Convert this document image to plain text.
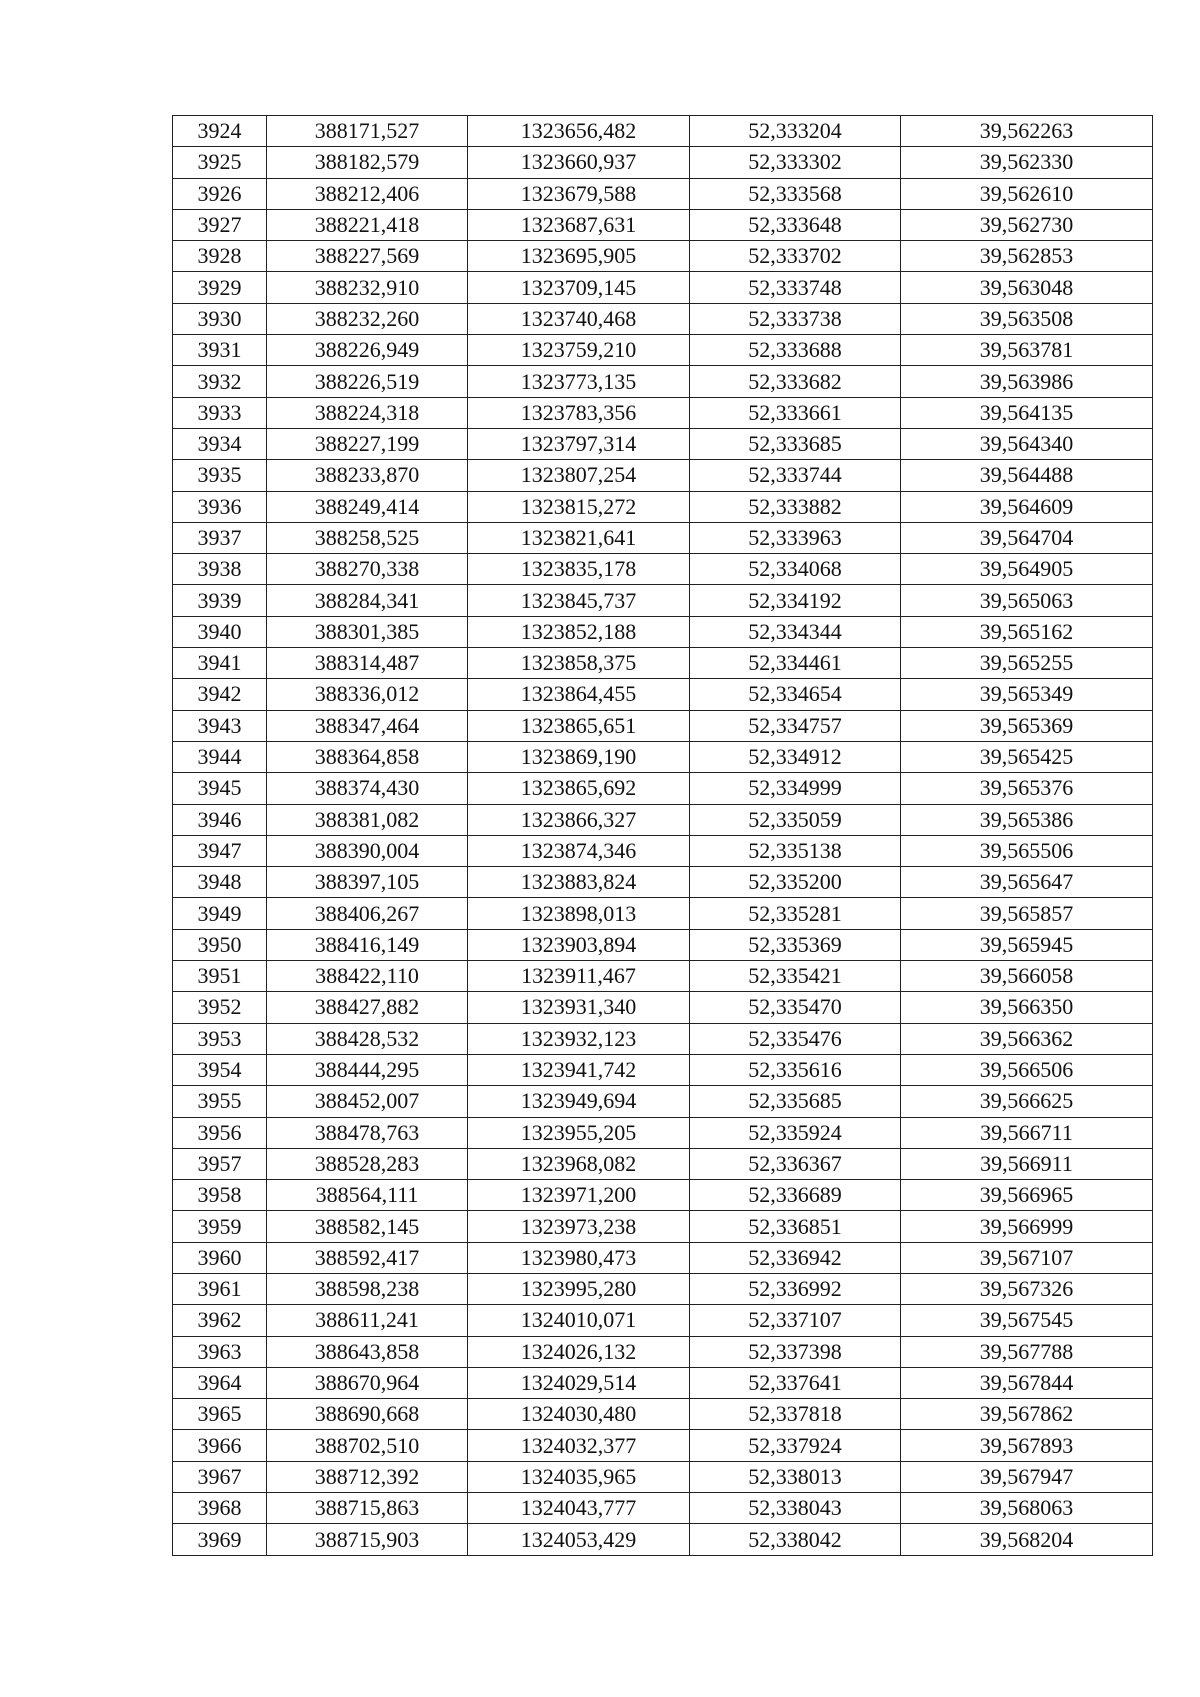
3924	388171,527	1323656,482	52,333204	39,562263
3925	388182,579	1323660,937	52,333302	39,562330
3926	388212,406	1323679,588	52,333568	39,562610
3927	388221,418	1323687,631	52,333648	39,562730
3928	388227,569	1323695,905	52,333702	39,562853
3929	388232,910	1323709,145	52,333748	39,563048
3930	388232,260	1323740,468	52,333738	39,563508
3931	388226,949	1323759,210	52,333688	39,563781
3932	388226,519	1323773,135	52,333682	39,563986
3933	388224,318	1323783,356	52,333661	39,564135
3934	388227,199	1323797,314	52,333685	39,564340
3935	388233,870	1323807,254	52,333744	39,564488
3936	388249,414	1323815,272	52,333882	39,564609
3937	388258,525	1323821,641	52,333963	39,564704
3938	388270,338	1323835,178	52,334068	39,564905
3939	388284,341	1323845,737	52,334192	39,565063
3940	388301,385	1323852,188	52,334344	39,565162
3941	388314,487	1323858,375	52,334461	39,565255
3942	388336,012	1323864,455	52,334654	39,565349
3943	388347,464	1323865,651	52,334757	39,565369
3944	388364,858	1323869,190	52,334912	39,565425
3945	388374,430	1323865,692	52,334999	39,565376
3946	388381,082	1323866,327	52,335059	39,565386
3947	388390,004	1323874,346	52,335138	39,565506
3948	388397,105	1323883,824	52,335200	39,565647
3949	388406,267	1323898,013	52,335281	39,565857
3950	388416,149	1323903,894	52,335369	39,565945
3951	388422,110	1323911,467	52,335421	39,566058
3952	388427,882	1323931,340	52,335470	39,566350
3953	388428,532	1323932,123	52,335476	39,566362
3954	388444,295	1323941,742	52,335616	39,566506
3955	388452,007	1323949,694	52,335685	39,566625
3956	388478,763	1323955,205	52,335924	39,566711
3957	388528,283	1323968,082	52,336367	39,566911
3958	388564,111	1323971,200	52,336689	39,566965
3959	388582,145	1323973,238	52,336851	39,566999
3960	388592,417	1323980,473	52,336942	39,567107
3961	388598,238	1323995,280	52,336992	39,567326
3962	388611,241	1324010,071	52,337107	39,567545
3963	388643,858	1324026,132	52,337398	39,567788
3964	388670,964	1324029,514	52,337641	39,567844
3965	388690,668	1324030,480	52,337818	39,567862
3966	388702,510	1324032,377	52,337924	39,567893
3967	388712,392	1324035,965	52,338013	39,567947
3968	388715,863	1324043,777	52,338043	39,568063
3969	388715,903	1324053,429	52,338042	39,568204
